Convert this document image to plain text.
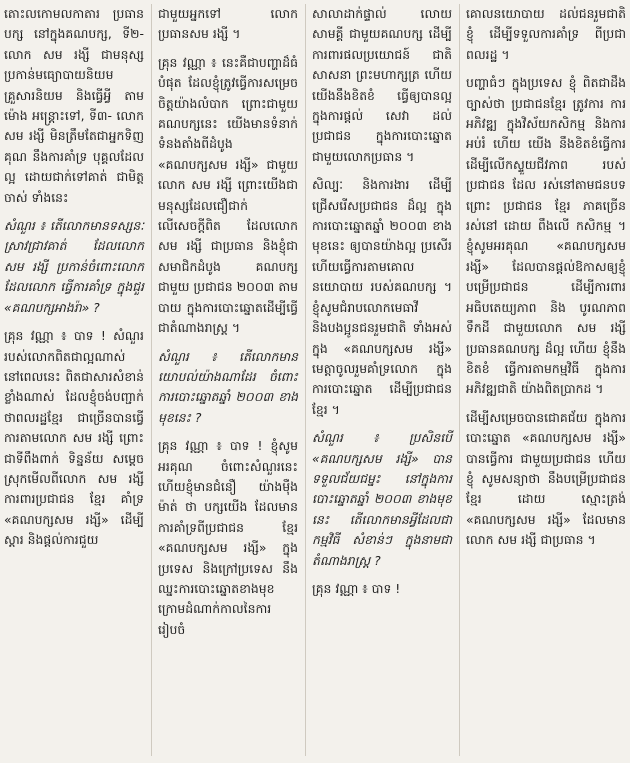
តោះលកោមលកាតារ ប្រធានបក្ស នៅក្នុងគណបក្ស, ទី២- លោក សម រង្សី ជាមនុស្ស ប្រកាន់មធ្យោបាយនិយម គ្រួសារនិយម និងធ្វើអ្វី តាមម៉ោង អន្ត្រោះទៅ, ទី៣- លោក សម រង្សី មិនត្រឹមតែជាអ្នកទិញគុណ នឹងការគាំទ្រ បុគ្គលដែលល្អ ដោយជាក់ទៅគាត់ ជាមិត្តចាស់ ទាំងនេះ

សំណួរ ៖ តើលោកមានទស្សនៈស្រាវជ្រាវគាត់ ដែលលោក សម រង្សី ប្រកាន់ចំពោះលោក ដែលលោក ធ្វើការគាំទ្រ ក្នុងជួរ «គណបក្សអាងរ៉ា» ?

គ្រុន វណ្ណា ៖ បាទ ! សំណួររបស់លោកពិតជាល្អណាស់ នៅពេលនេះ ពិតជាសារសំខាន់ ខ្លាំងណាស់ ដែលខ្ញុំចង់បញ្ជាក់ ថាពលរដ្ឋខ្មែរ ជាច្រើនបានធ្វើការតាមលោក សម រង្សី ព្រោះជាទីពឹងពាក់ ទិន្នន័យ សម្តេចស្រុកមើលពីលោក សម រង្សី ការពារប្រជាជន ខ្មែរ គាំទ្រ «គណបក្សសម រង្សី» ដើម្បីស្តារ និងផ្តល់ការជួយ

ជាមួយអ្នកទៅ លោកប្រធានសម រង្សី ។

គ្រុន វណ្ណា ៖ នេះគឺជាបញ្ហាដ៏ធំបំផុត ដែលខ្ញុំត្រូវធ្វើការសម្រេចចិត្តយ៉ាងលំបាក ព្រោះជាមួយគណបក្សនេះ យើងមានទំនាក់ទំនងតាំងពីដំបូង «គណបក្សសម រង្សី» ជាមួយលោក សម រង្សី ព្រោះយើងជាមនុស្សដែលជឿជាក់ លើសេចក្តីពិត ដែលលោក សម រង្សី ជាប្រធាន និងខ្ញុំជាសមាជិកដំបូង គណបក្ស ជាមួយ ប្រជាជន ២០០៣ តាមបាយ ក្នុងការបោះឆ្នោតដើម្បីធ្វើជាតំណាងរាស្ត្រ ។

សំណួរ ៖ តើលោកមានយោបល់យ៉ាងណាដែរ ចំពោះការបោះឆ្នោតឆ្នាំ ២០០៣ ខាងមុខនេះ ?

គ្រុន វណ្ណា ៖ បាទ ! ខ្ញុំសូមអរគុណ ចំពោះសំណួរនេះ ហើយខ្ញុំមានជំនឿ យ៉ាងម៉ឺងម៉ាត់ ថា បក្សយើង ដែលមានការគាំទ្រពីប្រជាជន ខ្មែរ «គណបក្សសម រង្សី» ក្នុងប្រទេស និងក្រៅប្រទេស នឹងឈ្នះការបោះឆ្នោតខាងមុខ ក្រោមដំណាក់កាលនៃការរៀបចំ

សាលាដាក់ផ្ទាល់ លោយ សាមគ្គី ជាមួយគណបក្ស ដើម្បីការពារផលប្រយោជន៍ ជាតិ សាសនា ព្រះមហាក្សត្រ ហើយ យើងនឹងខិតខំ ធ្វើឲ្យបានល្អ ក្នុងការផ្តល់ សេវា ដល់ប្រជាជន ក្នុងការបោះឆ្នោត ជាមួយលោកប្រធាន ។

សិល្បៈ និងការងារ ដើម្បីជ្រើសរើសប្រជាជន ដ៏ល្អ ក្នុងការបោះឆ្នោតឆ្នាំ ២០០៣ ខាងមុខនេះ ឲ្យបានយ៉ាងល្អ ប្រសើរ ហើយធ្វើការតាមគោលនយោបាយ របស់គណបក្ស ។ ខ្ញុំសូមជំរាបលោកមេធាវី និងបងប្អូនជនរួមជាតិ ទាំងអស់ ក្នុង «គណបក្សសម រង្សី» មេត្តាចូលរួមគាំទ្រលោក ក្នុងការបោះឆ្នោត ដើម្បីប្រជាជន ខ្មែរ ។

សំណួរ ៖ ប្រសិនបើ «គណបក្សសម រង្សី» បានទទួលជ័យជម្នះ នៅក្នុងការបោះឆ្នោតឆ្នាំ ២០០៣ ខាងមុខនេះ តើលោកមានអ្វីដែលជាកម្មវិធី សំខាន់ៗ ក្នុងនាមជាតំណាងរាស្ត្រ ?

គ្រុន វណ្ណា ៖ បាទ !

គោលនយោបាយ ដល់ជនរួមជាតិ ខ្ញុំ ដើម្បីទទួលការគាំទ្រ ពីប្រជាពលរដ្ឋ ។

បញ្ហាធំៗ ក្នុងប្រទេស ខ្ញុំ ពិតជាដឹងច្បាស់ថា ប្រជាជនខ្មែរ ត្រូវការ ការអភិវឌ្ឍ ក្នុងវិស័យកសិកម្ម និងការ អប់រំ ហើយ យើង នឹងខិតខំធ្វើការ ដើម្បីលើកស្ទួយជីវភាព របស់ប្រជាជន ដែល រស់នៅតាមជនបទ ព្រោះ ប្រជាជន ខ្មែរ ភាគច្រើន រស់នៅ ដោយ ពឹងលើ កសិកម្ម ។ ខ្ញុំសូមអរគុណ «គណបក្សសម រង្សី» ដែលបានផ្តល់ឱកាសឲ្យខ្ញុំ បម្រើប្រជាជន ដើម្បីការពារ អធិបតេយ្យភាព និង បូរណភាពទឹកដី ជាមួយលោក សម រង្សី ប្រធានគណបក្ស ដ៏ល្អ ហើយ ខ្ញុំនឹងខិតខំ ធ្វើការតាមកម្មវិធី ក្នុងការអភិវឌ្ឍជាតិ យ៉ាងពិតប្រាកដ ។

ដើម្បីសម្រេចបានជោគជ័យ ក្នុងការបោះឆ្នោត «គណបក្សសម រង្សី» បានធ្វើការ ជាមួយប្រជាជន ហើយ ខ្ញុំ សូមសន្យាថា នឹងបម្រើប្រជាជន ខ្មែរ ដោយ ស្មោះត្រង់ «គណបក្សសម រង្សី» ដែលមានលោក សម រង្សី ជាប្រធាន ។
